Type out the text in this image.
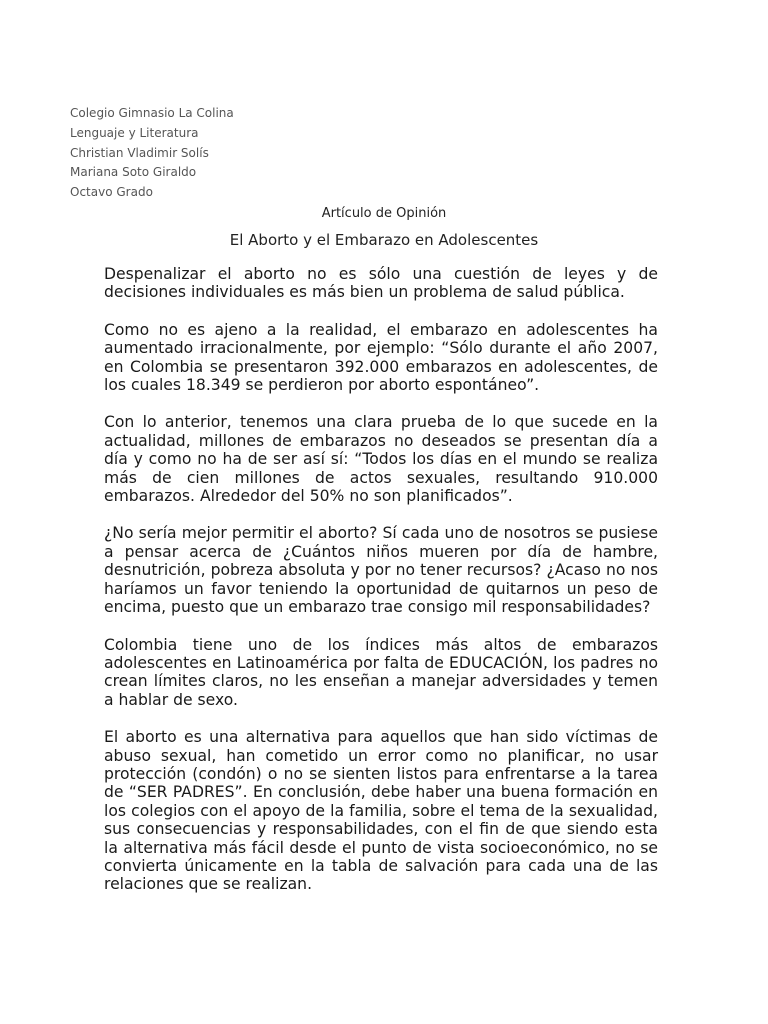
Colegio Gimnasio La Colina
Lenguaje y Literatura
Christian Vladimir Solís
Mariana Soto Giraldo
Octavo Grado
Artículo de Opinión
El Aborto y el Embarazo en Adolescentes

Despenalizar el aborto no es sólo una cuestión de leyes y de decisiones individuales es más bien un problema de salud pública.

Como no es ajeno a la realidad, el embarazo en adolescentes ha aumentado irracionalmente, por ejemplo: “Sólo durante el año 2007, en Colombia se presentaron 392.000 embarazos en adolescentes, de los cuales 18.349 se perdieron por aborto espontáneo”.

Con lo anterior, tenemos una clara prueba de lo que sucede en la actualidad, millones de embarazos no deseados se presentan día a día y como no ha de ser así sí: “Todos los días en el mundo se realiza más de cien millones de actos sexuales, resultando 910.000 embarazos. Alrededor del 50% no son planificados”.

¿No sería mejor permitir el aborto? Sí cada uno de nosotros se pusiese a pensar acerca de ¿Cuántos niños mueren por día de hambre, desnutrición, pobreza absoluta y por no tener recursos? ¿Acaso no nos haríamos un favor teniendo la oportunidad de quitarnos un peso de encima, puesto que un embarazo trae consigo mil responsabilidades?

Colombia tiene uno de los índices más altos de embarazos adolescentes en Latinoamérica por falta de EDUCACIÓN, los padres no crean límites claros, no les enseñan a manejar adversidades y temen a hablar de sexo.

El aborto es una alternativa para aquellos que han sido víctimas de abuso sexual, han cometido un error como no planificar, no usar protección (condón) o no se sienten listos para enfrentarse a la tarea de “SER PADRES”. En conclusión, debe haber una buena formación en los colegios con el apoyo de la familia, sobre el tema de la sexualidad, sus consecuencias y responsabilidades, con el fin de que siendo esta la alternativa más fácil desde el punto de vista socioeconómico, no se convierta únicamente en la tabla de salvación para cada una de las relaciones que se realizan.
